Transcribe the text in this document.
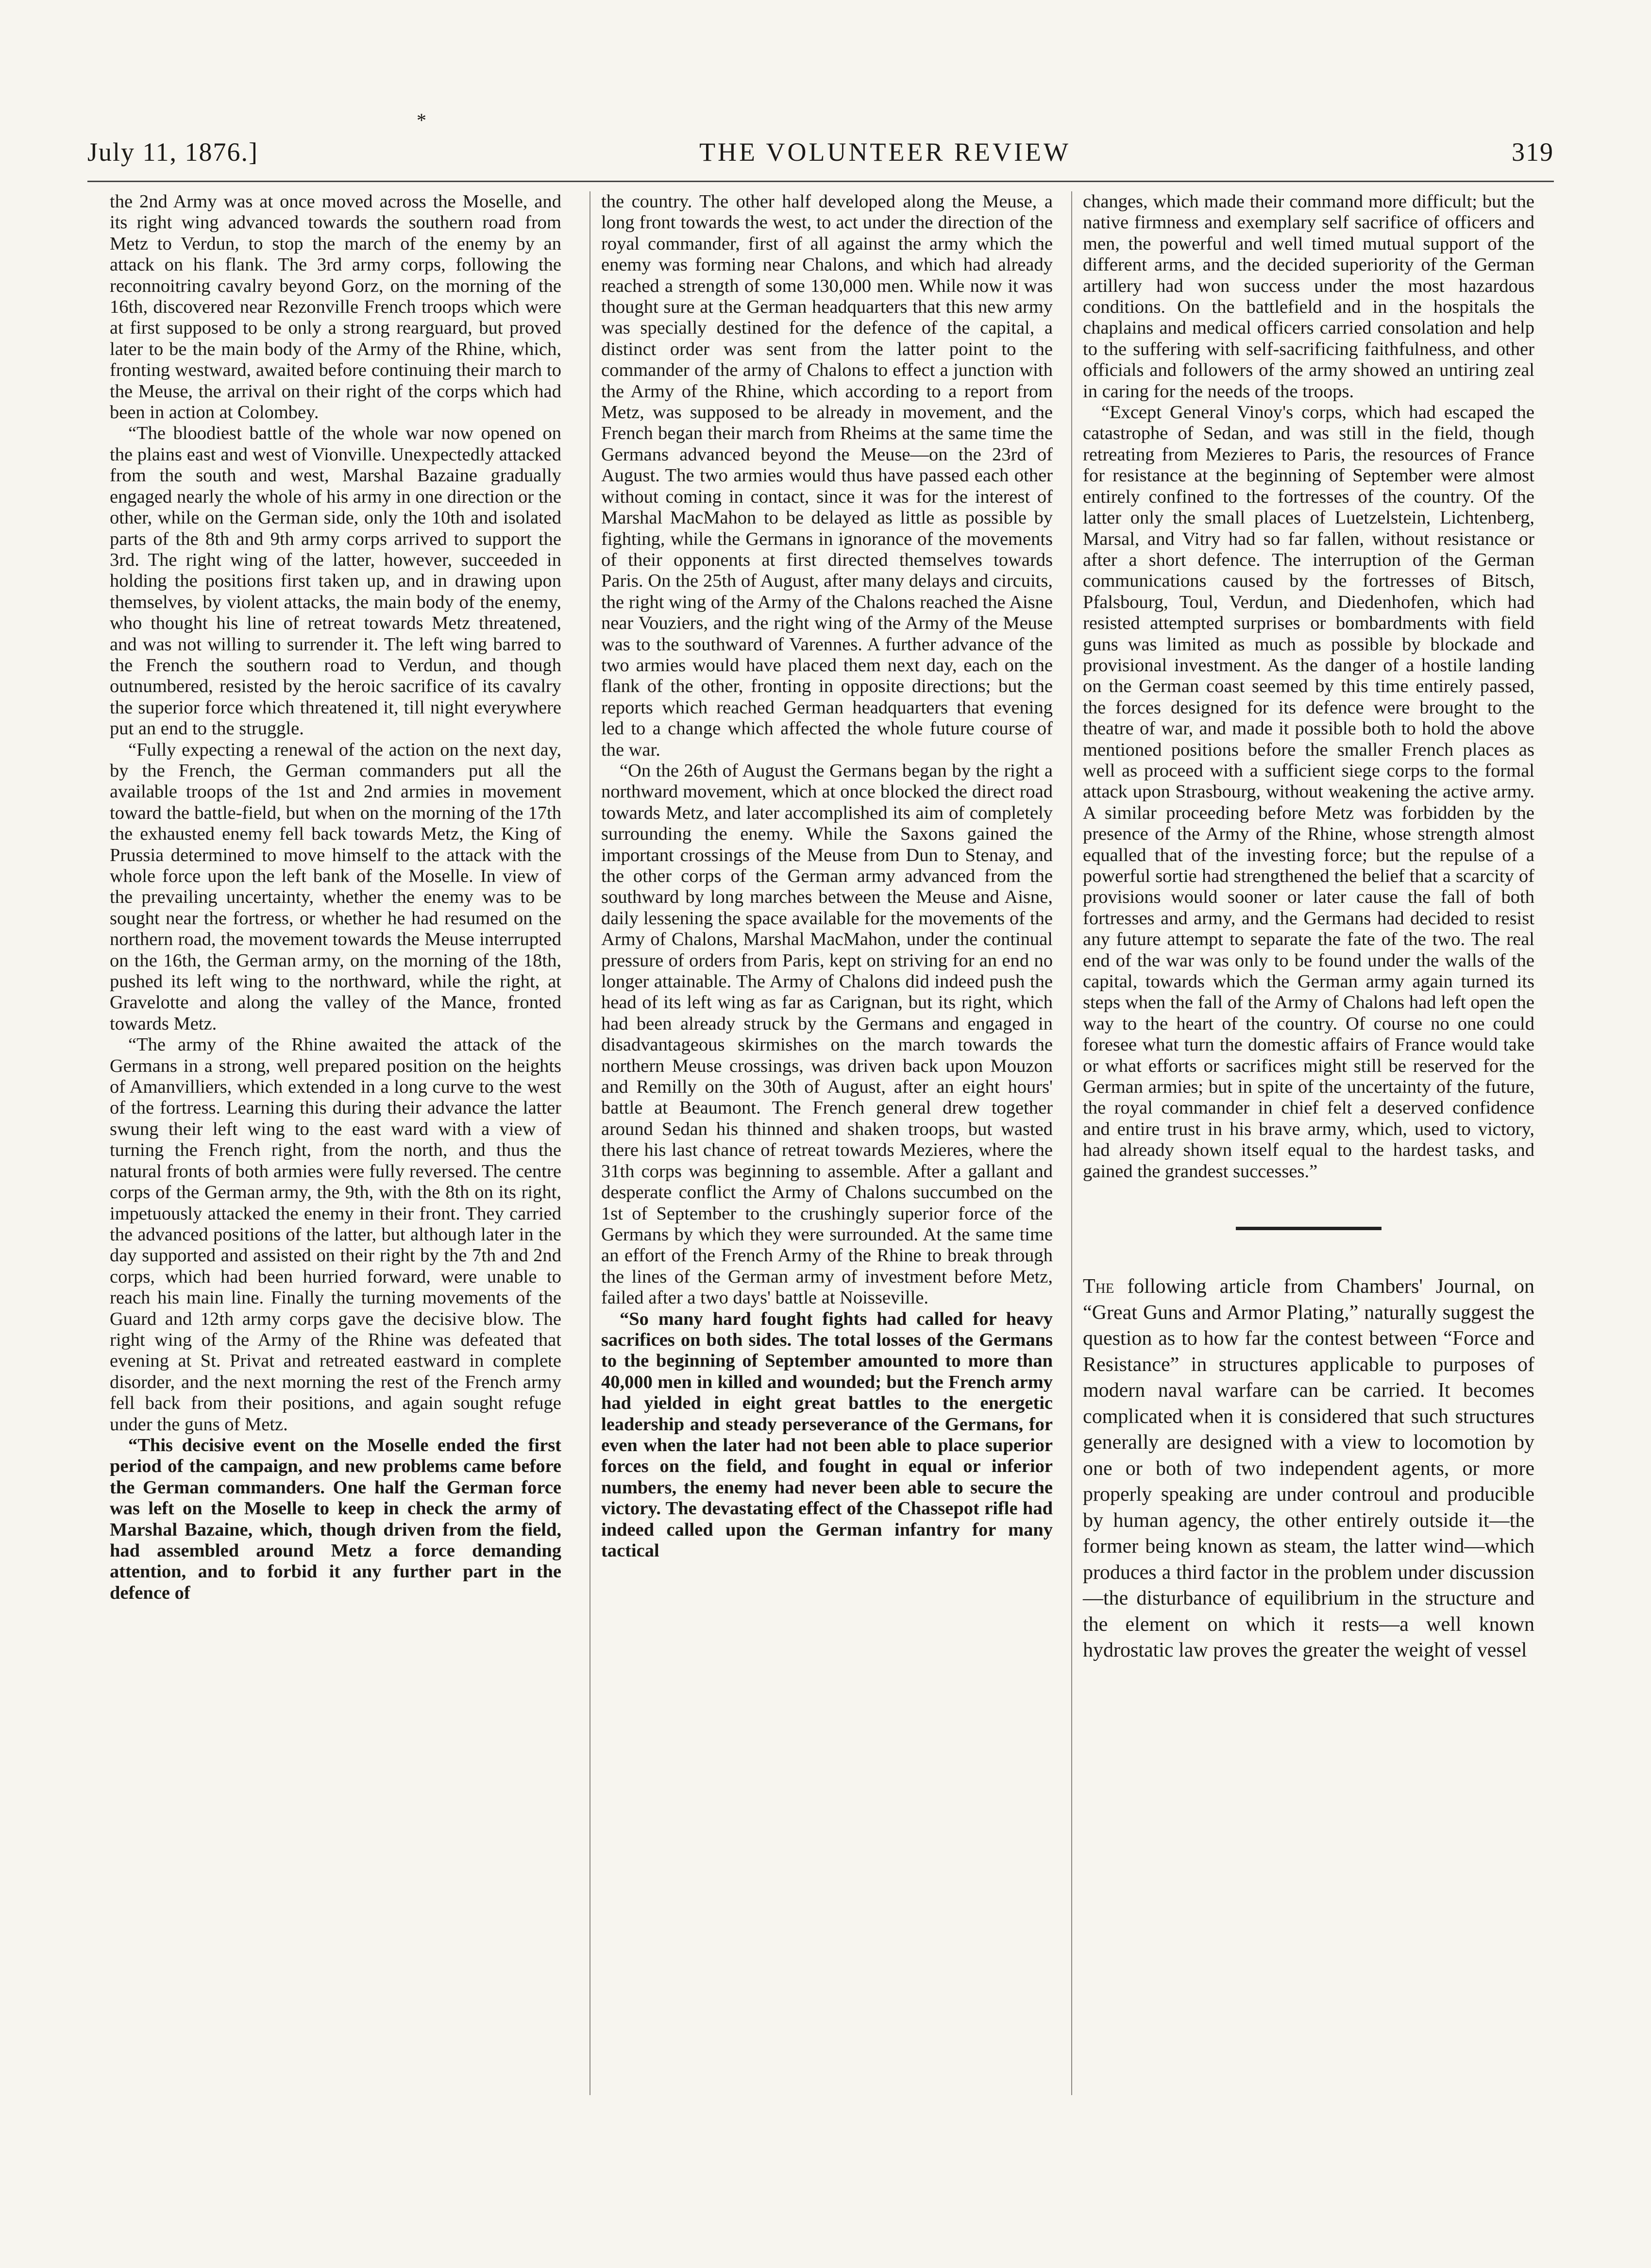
*
July 11, 1876.]	THE VOLUNTEER REVIEW	319

the 2nd Army was at once moved across the Moselle, and its right wing advanced towards the southern road from Metz to Verdun, to stop the march of the enemy by an attack on his flank. The 3rd army corps, following the reconnoitring cavalry beyond Gorz, on the morning of the 16th, discovered near Rezonville French troops which were at first supposed to be only a strong rearguard, but proved later to be the main body of the Army of the Rhine, which, fronting westward, awaited before continuing their march to the Meuse, the arrival on their right of the corps which had been in action at Colombey.

“The bloodiest battle of the whole war now opened on the plains east and west of Vionville. Unexpectedly attacked from the south and west, Marshal Bazaine gradually engaged nearly the whole of his army in one direction or the other, while on the German side, only the 10th and isolated parts of the 8th and 9th army corps arrived to support the 3rd. The right wing of the latter, however, succeeded in holding the positions first taken up, and in drawing upon themselves, by violent attacks, the main body of the enemy, who thought his line of retreat towards Metz threatened, and was not willing to surrender it. The left wing barred to the French the southern road to Verdun, and though outnumbered, resisted by the heroic sacrifice of its cavalry the superior force which threatened it, till night everywhere put an end to the struggle.

“Fully expecting a renewal of the action on the next day, by the French, the German commanders put all the available troops of the 1st and 2nd armies in movement toward the battle-field, but when on the morning of the 17th the exhausted enemy fell back towards Metz, the King of Prussia determined to move himself to the attack with the whole force upon the left bank of the Moselle. In view of the prevailing uncertainty, whether the enemy was to be sought near the fortress, or whether he had resumed on the northern road, the movement towards the Meuse interrupted on the 16th, the German army, on the morning of the 18th, pushed its left wing to the northward, while the right, at Gravelotte and along the valley of the Mance, fronted towards Metz.

“The army of the Rhine awaited the attack of the Germans in a strong, well prepared position on the heights of Amanvilliers, which extended in a long curve to the west of the fortress. Learning this during their advance the latter swung their left wing to the east ward with a view of turning the French right, from the north, and thus the natural fronts of both armies were fully reversed. The centre corps of the German army, the 9th, with the 8th on its right, impetuously attacked the enemy in their front. They carried the advanced positions of the latter, but although later in the day supported and assisted on their right by the 7th and 2nd corps, which had been hurried forward, were unable to reach his main line. Finally the turning movements of the Guard and 12th army corps gave the decisive blow. The right wing of the Army of the Rhine was defeated that evening at St. Privat and retreated eastward in complete disorder, and the next morning the rest of the French army fell back from their positions, and again sought refuge under the guns of Metz.

“This decisive event on the Moselle ended the first period of the campaign, and new problems came before the German commanders. One half the German force was left on the Moselle to keep in check the army of Marshal Bazaine, which, though driven from the field, had assembled around Metz a force demanding attention, and to forbid it any further part in the defence of

the country. The other half developed along the Meuse, a long front towards the west, to act under the direction of the royal commander, first of all against the army which the enemy was forming near Chalons, and which had already reached a strength of some 130,000 men. While now it was thought sure at the German headquarters that this new army was specially destined for the defence of the capital, a distinct order was sent from the latter point to the commander of the army of Chalons to effect a junction with the Army of the Rhine, which according to a report from Metz, was supposed to be already in movement, and the French began their march from Rheims at the same time the Germans advanced beyond the Meuse—on the 23rd of August. The two armies would thus have passed each other without coming in contact, since it was for the interest of Marshal MacMahon to be delayed as little as possible by fighting, while the Germans in ignorance of the movements of their opponents at first directed themselves towards Paris. On the 25th of August, after many delays and circuits, the right wing of the Army of the Chalons reached the Aisne near Vouziers, and the right wing of the Army of the Meuse was to the southward of Varennes. A further advance of the two armies would have placed them next day, each on the flank of the other, fronting in opposite directions; but the reports which reached German headquarters that evening led to a change which affected the whole future course of the war.

“On the 26th of August the Germans began by the right a northward movement, which at once blocked the direct road towards Metz, and later accomplished its aim of completely surrounding the enemy. While the Saxons gained the important crossings of the Meuse from Dun to Stenay, and the other corps of the German army advanced from the southward by long marches between the Meuse and Aisne, daily lessening the space available for the movements of the Army of Chalons, Marshal MacMahon, under the continual pressure of orders from Paris, kept on striving for an end no longer attainable. The Army of Chalons did indeed push the head of its left wing as far as Carignan, but its right, which had been already struck by the Germans and engaged in disadvantageous skirmishes on the march towards the northern Meuse crossings, was driven back upon Mouzon and Remilly on the 30th of August, after an eight hours' battle at Beaumont. The French general drew together around Sedan his thinned and shaken troops, but wasted there his last chance of retreat towards Mezieres, where the 31th corps was beginning to assemble. After a gallant and desperate conflict the Army of Chalons succumbed on the 1st of September to the crushingly superior force of the Germans by which they were surrounded. At the same time an effort of the French Army of the Rhine to break through the lines of the German army of investment before Metz, failed after a two days' battle at Noisseville.

“So many hard fought fights had called for heavy sacrifices on both sides. The total losses of the Germans to the beginning of September amounted to more than 40,000 men in killed and wounded; but the French army had yielded in eight great battles to the energetic leadership and steady perseverance of the Germans, for even when the later had not been able to place superior forces on the field, and fought in equal or inferior numbers, the enemy had never been able to secure the victory. The devastating effect of the Chassepot rifle had indeed called upon the German infantry for many tactical

changes, which made their command more difficult; but the native firmness and exemplary self sacrifice of officers and men, the powerful and well timed mutual support of the different arms, and the decided superiority of the German artillery had won success under the most hazardous conditions. On the battlefield and in the hospitals the chaplains and medical officers carried consolation and help to the suffering with self-sacrificing faithfulness, and other officials and followers of the army showed an untiring zeal in caring for the needs of the troops.

“Except General Vinoy's corps, which had escaped the catastrophe of Sedan, and was still in the field, though retreating from Mezieres to Paris, the resources of France for resistance at the beginning of September were almost entirely confined to the fortresses of the country. Of the latter only the small places of Luetzelstein, Lichtenberg, Marsal, and Vitry had so far fallen, without resistance or after a short defence. The interruption of the German communications caused by the fortresses of Bitsch, Pfalsbourg, Toul, Verdun, and Diedenhofen, which had resisted attempted surprises or bombardments with field guns was limited as much as possible by blockade and provisional investment. As the danger of a hostile landing on the German coast seemed by this time entirely passed, the forces designed for its defence were brought to the theatre of war, and made it possible both to hold the above mentioned positions before the smaller French places as well as proceed with a sufficient siege corps to the formal attack upon Strasbourg, without weakening the active army. A similar proceeding before Metz was forbidden by the presence of the Army of the Rhine, whose strength almost equalled that of the investing force; but the repulse of a powerful sortie had strengthened the belief that a scarcity of provisions would sooner or later cause the fall of both fortresses and army, and the Germans had decided to resist any future attempt to separate the fate of the two. The real end of the war was only to be found under the walls of the capital, towards which the German army again turned its steps when the fall of the Army of Chalons had left open the way to the heart of the country. Of course no one could foresee what turn the domestic affairs of France would take or what efforts or sacrifices might still be reserved for the German armies; but in spite of the uncertainty of the future, the royal commander in chief felt a deserved confidence and entire trust in his brave army, which, used to victory, had already shown itself equal to the hardest tasks, and gained the grandest successes.”

The following article from Chambers' Journal, on “Great Guns and Armor Plating,” naturally suggest the question as to how far the contest between “Force and Resistance” in structures applicable to purposes of modern naval warfare can be carried. It becomes complicated when it is considered that such structures generally are designed with a view to locomotion by one or both of two independent agents, or more properly speaking are under controul and producible by human agency, the other entirely outside it—the former being known as steam, the latter wind—which produces a third factor in the problem under discussion—the disturbance of equilibrium in the structure and the element on which it rests—a well known hydrostatic law proves the greater the weight of vessel
